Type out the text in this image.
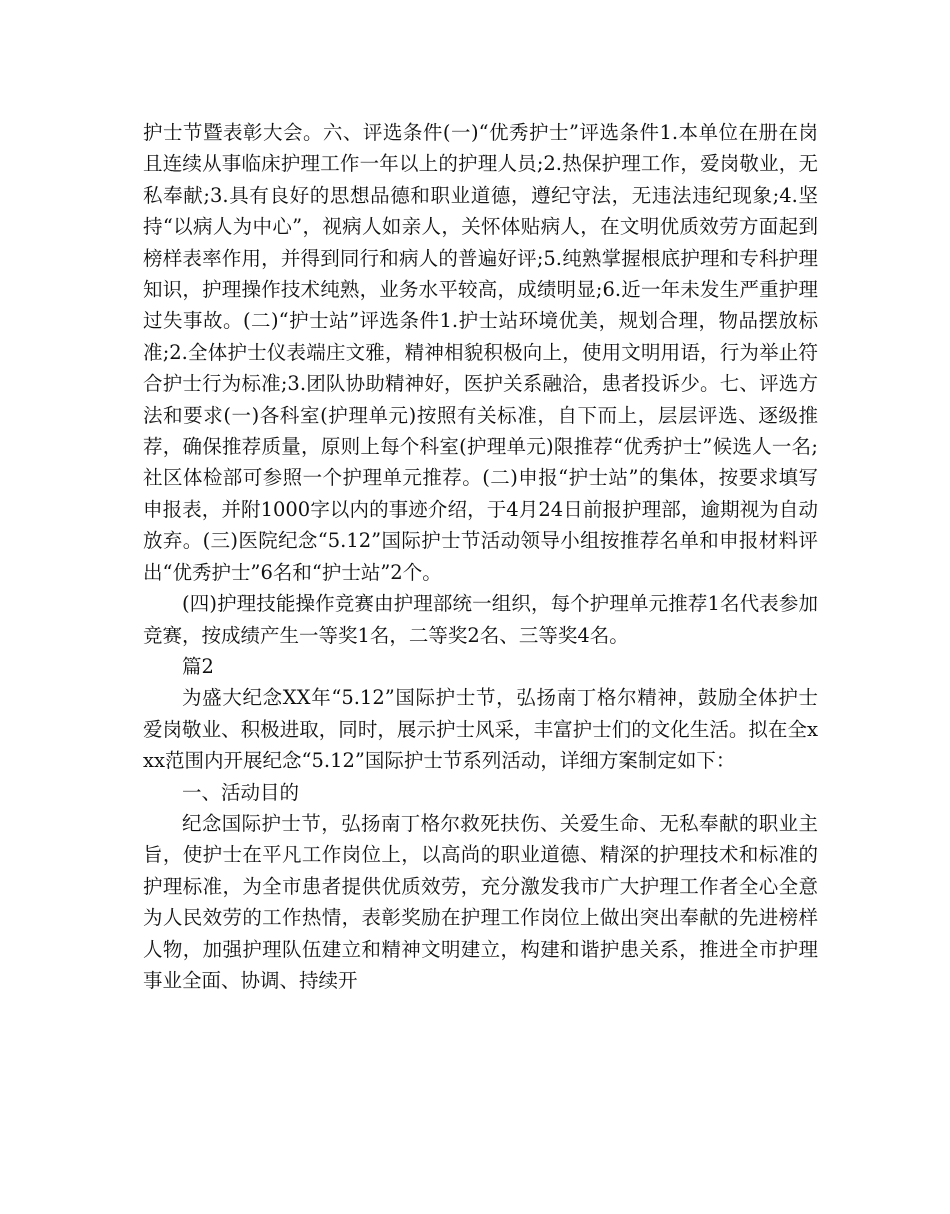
护士节暨表彰大会。六、评选条件(一)“优秀护士”评选条件1.本单位在册在岗且连续从事临床护理工作一年以上的护理人员;2.热保护理工作，爱岗敬业，无私奉献;3.具有良好的思想品德和职业道德，遵纪守法，无违法违纪现象;4.坚持“以病人为中心”，视病人如亲人，关怀体贴病人，在文明优质效劳方面起到榜样表率作用，并得到同行和病人的普遍好评;5.纯熟掌握根底护理和专科护理知识，护理操作技术纯熟，业务水平较高，成绩明显;6.近一年未发生严重护理过失事故。(二)“护士站”评选条件1.护士站环境优美，规划合理，物品摆放标准;2.全体护士仪表端庄文雅，精神相貌积极向上，使用文明用语，行为举止符合护士行为标准;3.团队协助精神好，医护关系融洽，患者投诉少。七、评选方法和要求(一)各科室(护理单元)按照有关标准，自下而上，层层评选、逐级推荐，确保推荐质量，原则上每个科室(护理单元)限推荐“优秀护士”候选人一名;社区体检部可参照一个护理单元推荐。(二)申报“护士站”的集体，按要求填写申报表，并附1000字以内的事迹介绍，于4月24日前报护理部，逾期视为自动放弃。(三)医院纪念“5.12”国际护士节活动领导小组按推荐名单和申报材料评出“优秀护士”6名和“护士站”2个。

(四)护理技能操作竞赛由护理部统一组织，每个护理单元推荐1名代表参加竞赛，按成绩产生一等奖1名，二等奖2名、三等奖4名。

篇2

为盛大纪念XX年“5.12”国际护士节，弘扬南丁格尔精神，鼓励全体护士爱岗敬业、积极进取，同时，展示护士风采，丰富护士们的文化生活。拟在全xxx范围内开展纪念“5.12”国际护士节系列活动，详细方案制定如下：

一、活动目的

纪念国际护士节，弘扬南丁格尔救死扶伤、关爱生命、无私奉献的职业主旨，使护士在平凡工作岗位上，以高尚的职业道德、精深的护理技术和标准的护理标准，为全市患者提供优质效劳，充分激发我市广大护理工作者全心全意为人民效劳的工作热情，表彰奖励在护理工作岗位上做出突出奉献的先进榜样人物，加强护理队伍建立和精神文明建立，构建和谐护患关系，推进全市护理事业全面、协调、持续开
